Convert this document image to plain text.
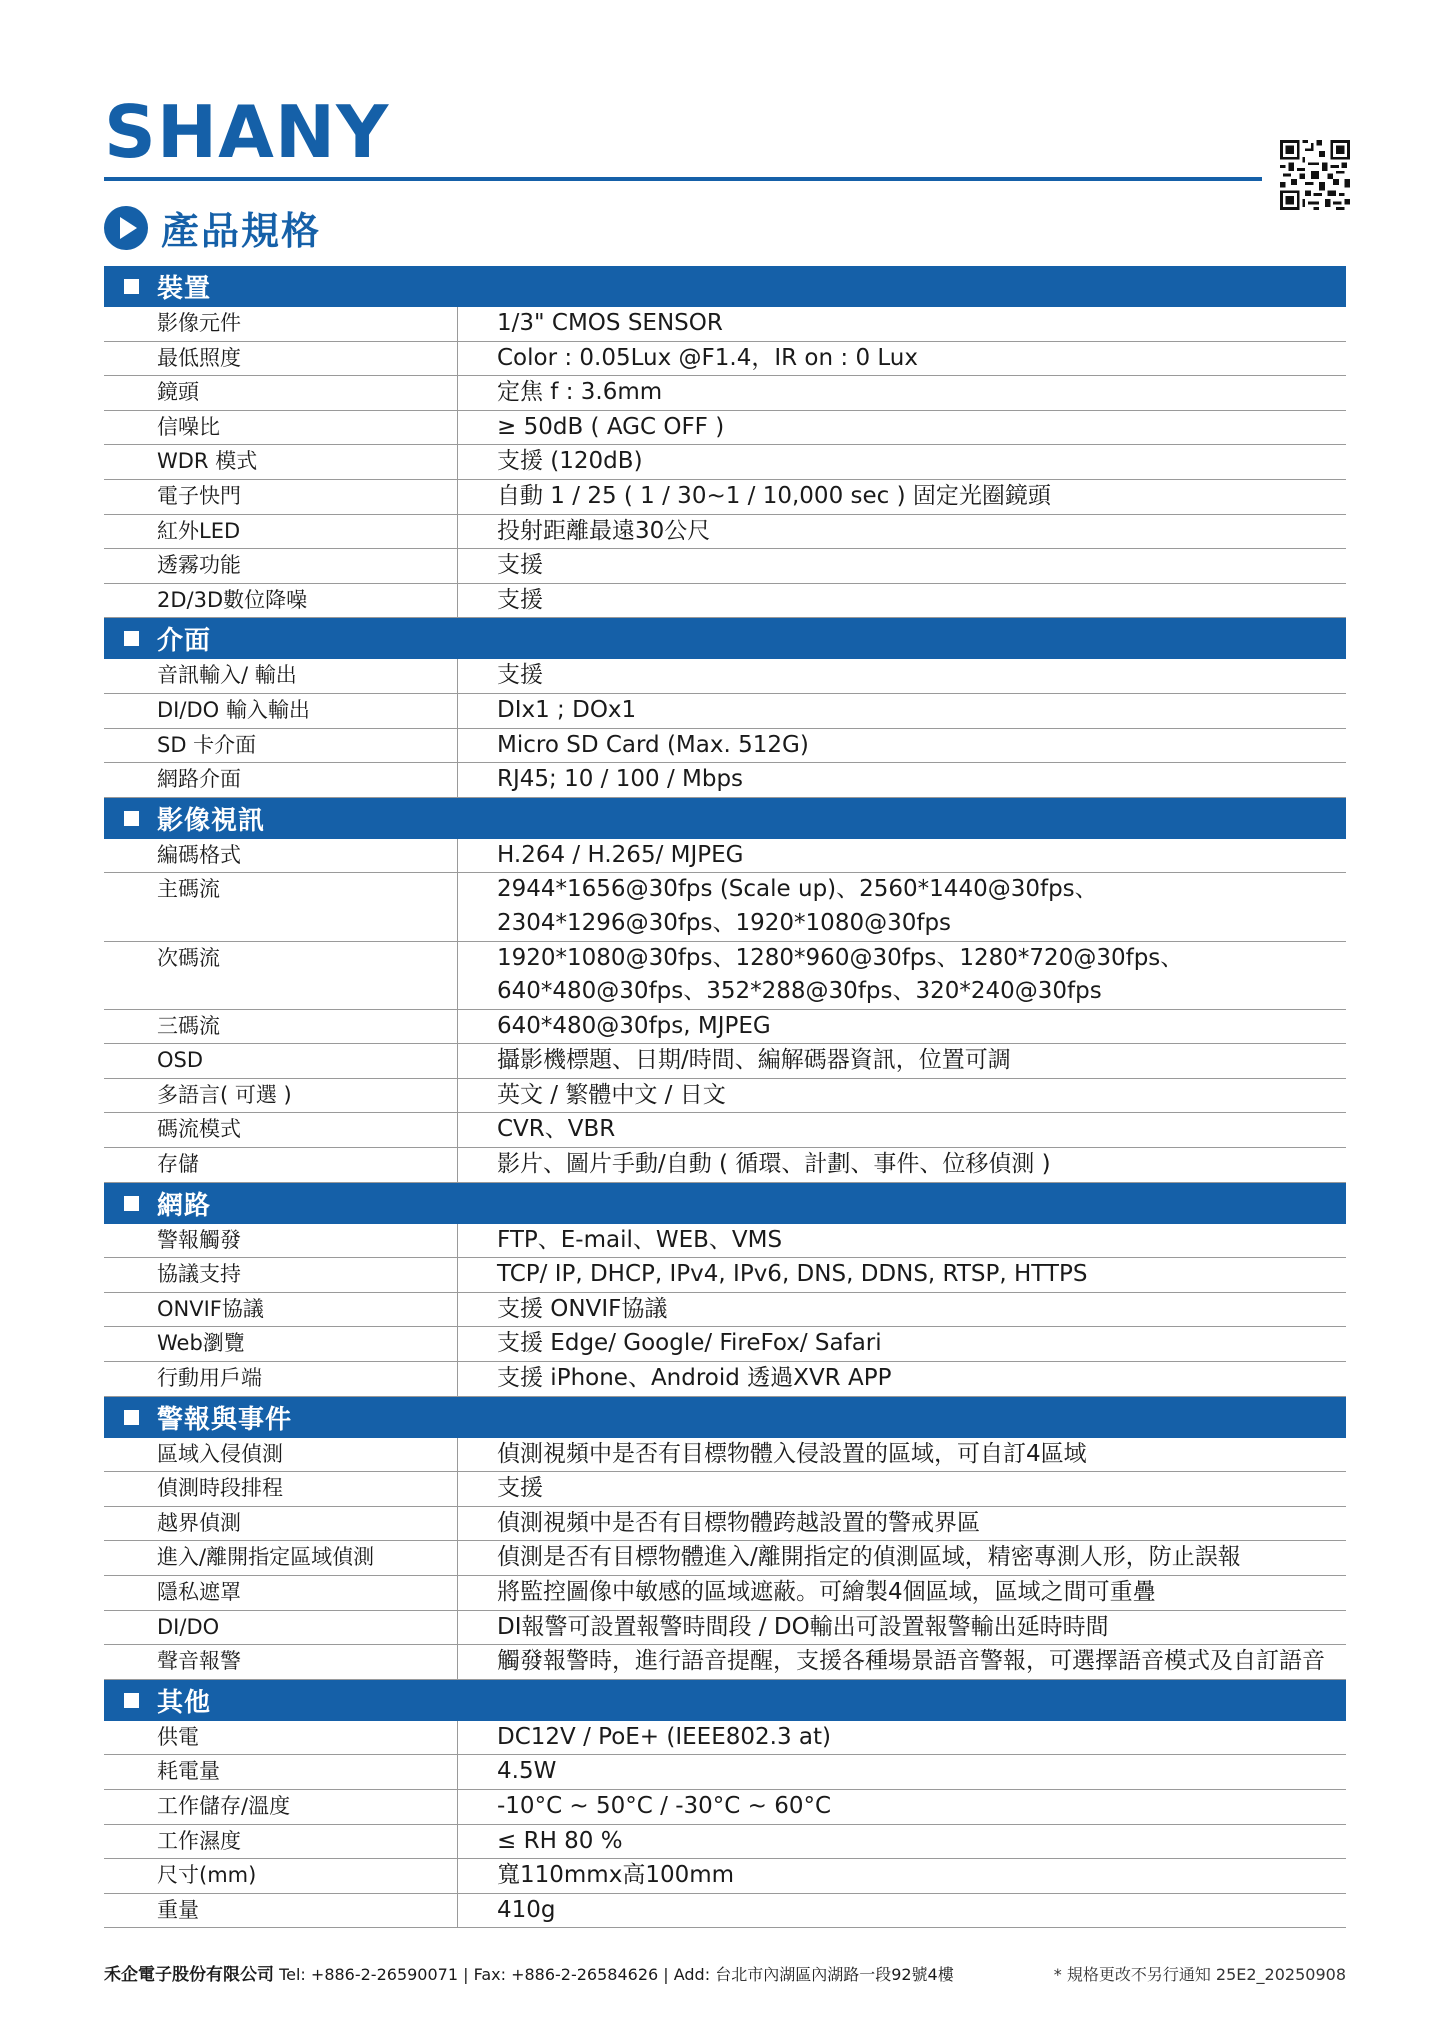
SHANY
產品規格
裝置
影像元件	1/3" CMOS SENSOR
最低照度	Color : 0.05Lux @F1.4，IR on : 0 Lux
鏡頭	定焦 f : 3.6mm
信噪比	≥ 50dB ( AGC OFF )
WDR 模式	支援 (120dB)
電子快門	自動 1 / 25 ( 1 / 30~1 / 10,000 sec ) 固定光圈鏡頭
紅外LED	投射距離最遠30公尺
透霧功能	支援
2D/3D數位降噪	支援
介面
音訊輸入/ 輸出	支援
DI/DO 輸入輸出	DIx1 ; DOx1
SD 卡介面	Micro SD Card (Max. 512G)
網路介面	RJ45; 10 / 100 / Mbps
影像視訊
編碼格式	H.264 / H.265/ MJPEG
主碼流	2944*1656@30fps (Scale up)、2560*1440@30fps、
2304*1296@30fps、1920*1080@30fps
次碼流	1920*1080@30fps、1280*960@30fps、1280*720@30fps、
640*480@30fps、352*288@30fps、320*240@30fps
三碼流	640*480@30fps, MJPEG
OSD	攝影機標題、日期/時間、編解碼器資訊，位置可調
多語言( 可選 )	英文 / 繁體中文 / 日文
碼流模式	CVR、VBR
存儲	影片、圖片手動/自動 ( 循環、計劃、事件、位移偵測 )
網路
警報觸發	FTP、E-mail、WEB、VMS
協議支持	TCP/ IP, DHCP, IPv4, IPv6, DNS, DDNS, RTSP, HTTPS
ONVIF協議	支援 ONVIF協議
Web瀏覽	支援 Edge/ Google/ FireFox/ Safari
行動用戶端	支援 iPhone、Android 透過XVR APP
警報與事件
區域入侵偵測	偵測視頻中是否有目標物體入侵設置的區域，可自訂4區域
偵測時段排程	支援
越界偵測	偵測視頻中是否有目標物體跨越設置的警戒界區
進入/離開指定區域偵測	偵測是否有目標物體進入/離開指定的偵測區域，精密專測人形，防止誤報
隱私遮罩	將監控圖像中敏感的區域遮蔽。可繪製4個區域，區域之間可重疊
DI/DO	DI報警可設置報警時間段 / DO輸出可設置報警輸出延時時間
聲音報警	觸發報警時，進行語音提醒，支援各種場景語音警報，可選擇語音模式及自訂語音
其他
供電	DC12V / PoE+ (IEEE802.3 at)
耗電量	4.5W
工作儲存/溫度	-10°C ~ 50°C / -30°C ~ 60°C
工作濕度	≤ RH 80 %
尺寸(mm)	寬110mmx高100mm
重量	410g
禾企電子股份有限公司 Tel: +886-2-26590071 | Fax: +886-2-26584626 | Add: 台北市內湖區內湖路一段92號4樓	* 規格更改不另行通知 25E2_20250908
